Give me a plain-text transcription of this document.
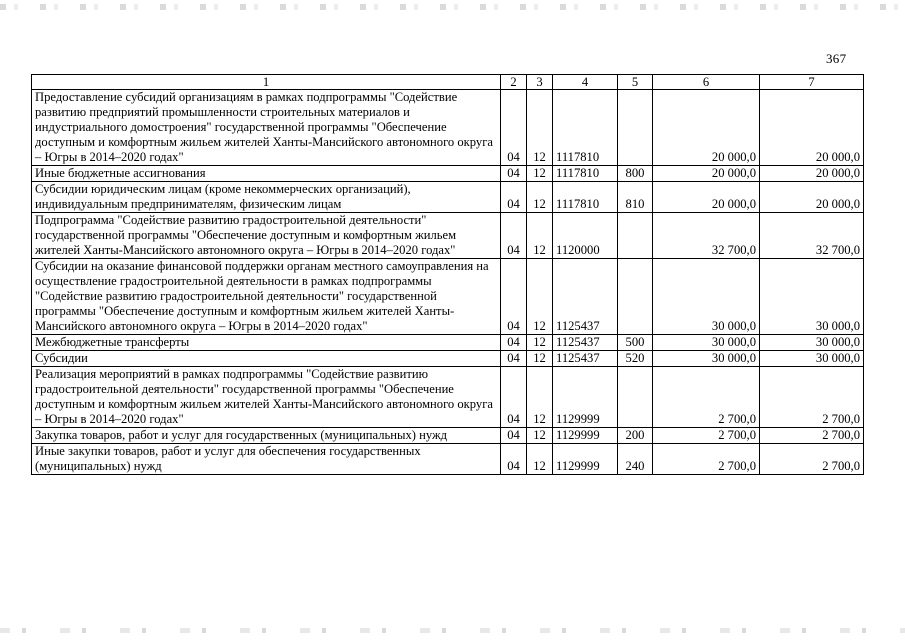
367
1	2	3	4	5	6	7
Предоставление субсидий организациям в рамках подпрограммы "Содействие развитию предприятий промышленности строительных материалов и индустриального домостроения" государственной программы "Обеспечение доступным и комфортным жильем жителей Ханты-Мансийского автономного округа – Югры в 2014–2020 годах"	04	12	1117810		20 000,0	20 000,0
Иные бюджетные ассигнования	04	12	1117810	800	20 000,0	20 000,0
Субсидии юридическим лицам (кроме некоммерческих организаций), индивидуальным предпринимателям, физическим лицам	04	12	1117810	810	20 000,0	20 000,0
Подпрограмма "Содействие развитию градостроительной деятельности" государственной программы "Обеспечение доступным и комфортным жильем жителей Ханты-Мансийского автономного округа – Югры в 2014–2020 годах"	04	12	1120000		32 700,0	32 700,0
Субсидии на оказание финансовой поддержки органам местного самоуправления на осуществление градостроительной деятельности в рамках подпрограммы "Содействие развитию градостроительной деятельности" государственной программы "Обеспечение доступным и комфортным жильем жителей Ханты-Мансийского автономного округа – Югры в 2014–2020 годах"	04	12	1125437		30 000,0	30 000,0
Межбюджетные трансферты	04	12	1125437	500	30 000,0	30 000,0
Субсидии	04	12	1125437	520	30 000,0	30 000,0
Реализация мероприятий в рамках подпрограммы "Содействие развитию градостроительной деятельности" государственной программы "Обеспечение доступным и комфортным жильем жителей Ханты-Мансийского автономного округа – Югры в 2014–2020 годах"	04	12	1129999		2 700,0	2 700,0
Закупка товаров, работ и услуг для государственных (муниципальных) нужд	04	12	1129999	200	2 700,0	2 700,0
Иные закупки товаров, работ и услуг для обеспечения государственных (муниципальных) нужд	04	12	1129999	240	2 700,0	2 700,0
